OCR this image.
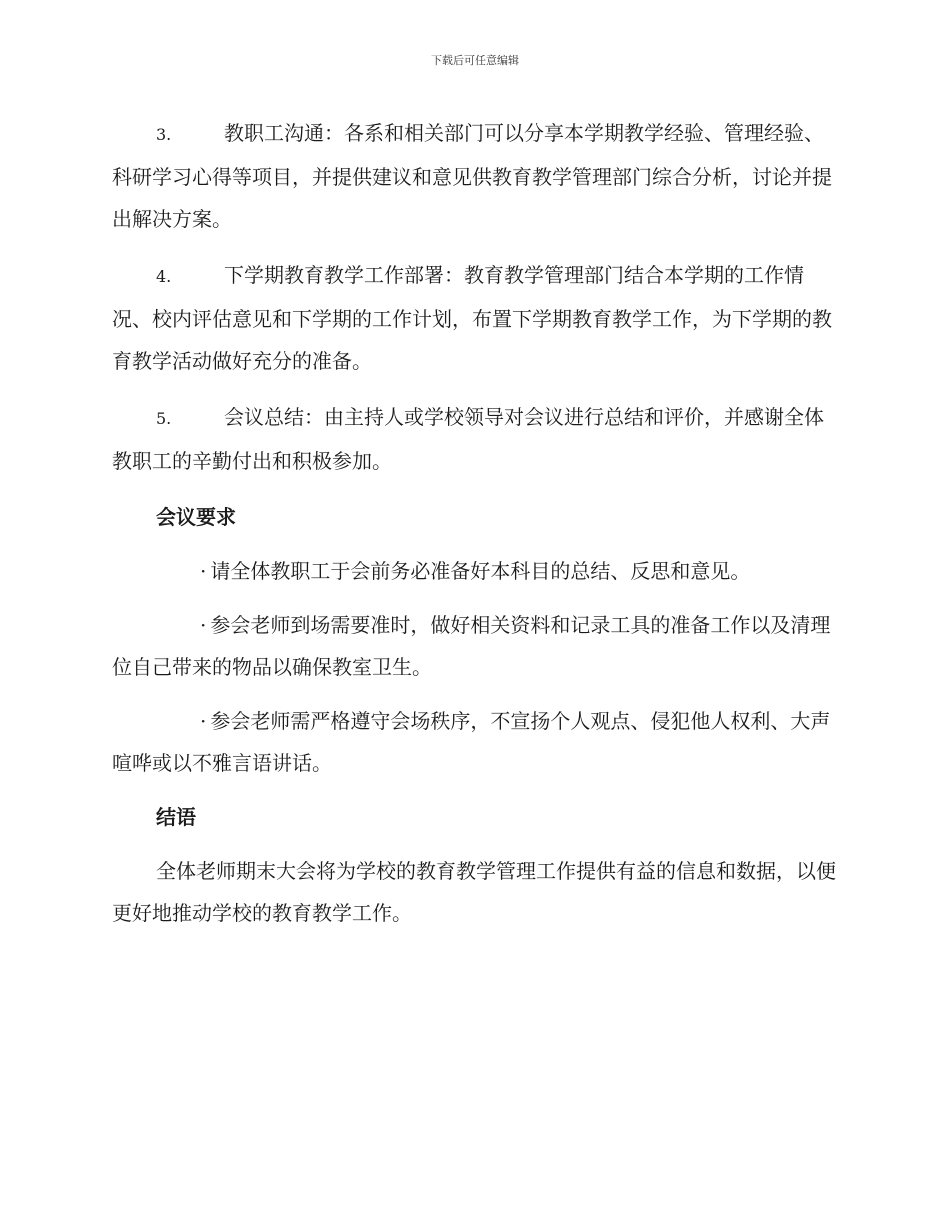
下载后可任意编辑

3.	教职工沟通：各系和相关部门可以分享本学期教学经验、管理经验、科研学习心得等项目，并提供建议和意见供教育教学管理部门综合分析，讨论并提出解决方案。

4.	下学期教育教学工作部署：教育教学管理部门结合本学期的工作情况、校内评估意见和下学期的工作计划，布置下学期教育教学工作，为下学期的教育教学活动做好充分的准备。

5.	会议总结：由主持人或学校领导对会议进行总结和评价，并感谢全体教职工的辛勤付出和积极参加。

会议要求

· 请全体教职工于会前务必准备好本科目的总结、反思和意见。

· 参会老师到场需要准时，做好相关资料和记录工具的准备工作以及清理位自己带来的物品以确保教室卫生。

· 参会老师需严格遵守会场秩序，不宣扬个人观点、侵犯他人权利、大声喧哗或以不雅言语讲话。

结语

全体老师期末大会将为学校的教育教学管理工作提供有益的信息和数据，以便更好地推动学校的教育教学工作。
